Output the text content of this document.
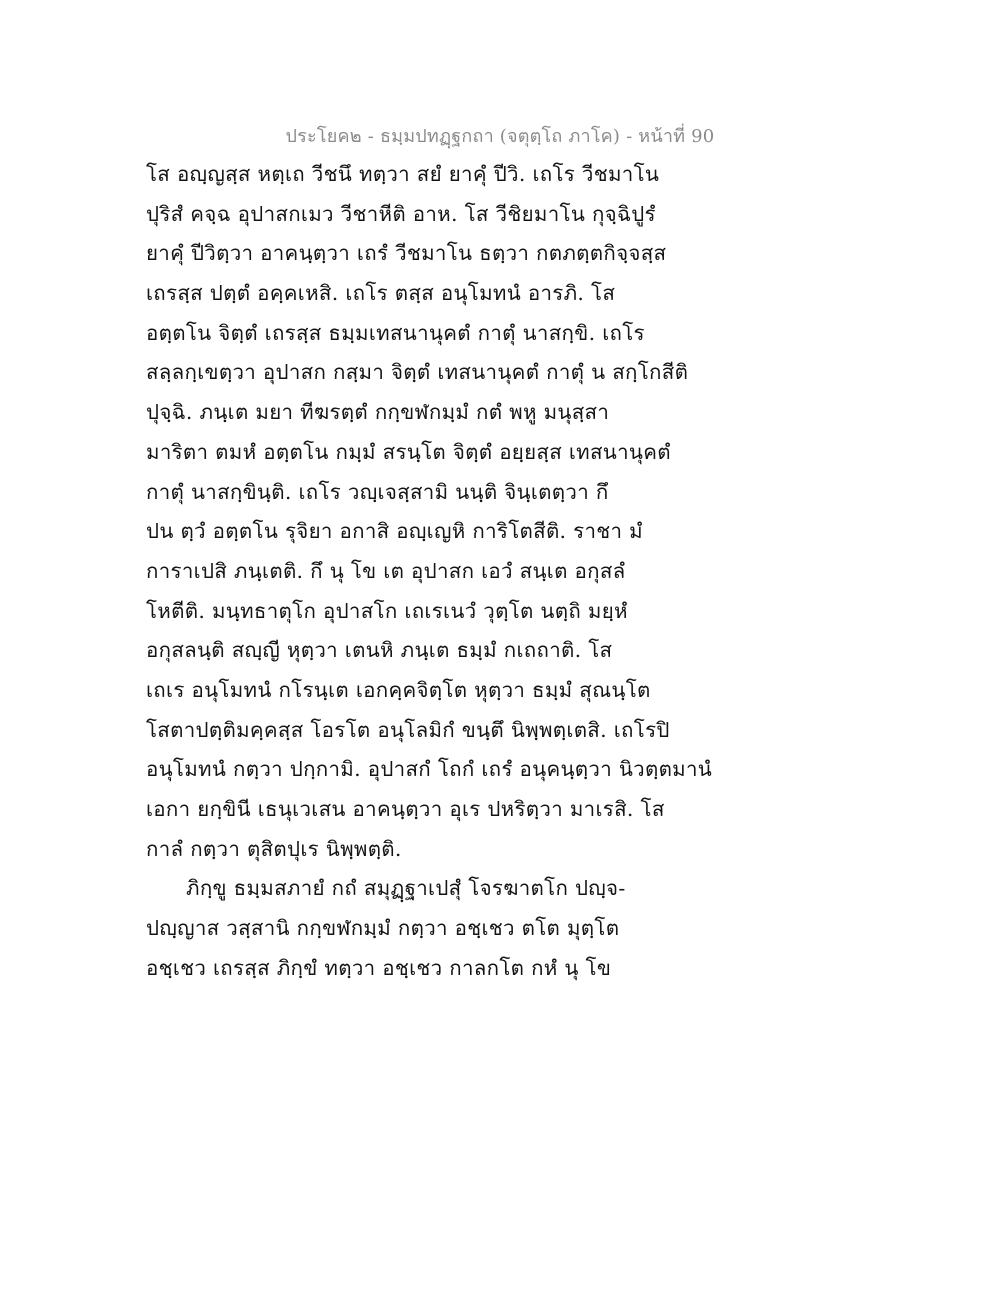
ประโยค๒ - ธมฺมปทฏฺฐกถา (จตุตฺโถ ภาโค) - หน้าที่ 90
โส อญฺญสฺส หตฺเถ วีชนึ ทตฺวา สยํ ยาคุํ ปีวิ. เถโร วีชมาโน
ปุริสํ คจฺฉ อุปาสกเมว วีชาหีติ อาห. โส วีชิยมาโน กุจฺฉิปูรํ
ยาคุํ ปีวิตฺวา อาคนฺตฺวา เถรํ วีชมาโน ธตฺวา กตภตฺตกิจฺจสฺส
เถรสฺส ปตฺตํ อคฺคเหสิ. เถโร ตสฺส อนุโมทนํ อารภิ. โส
อตฺตโน จิตฺตํ เถรสฺส ธมฺมเทสนานุคตํ กาตุํ นาสกฺขิ. เถโร
สลฺลกฺเขตฺวา อุปาสก กสฺมา จิตฺตํ เทสนานุคตํ กาตุํ น สกฺโกสีติ
ปุจฺฉิ. ภนฺเต มยา ทีฆรตฺตํ กกฺขฬกมฺมํ กตํ พหู มนุสฺสา
มาริตา ตมหํ อตฺตโน กมฺมํ สรนฺโต จิตฺตํ อยฺยสฺส เทสนานุคตํ
กาตุํ นาสกฺขินฺติ. เถโร วญฺเจสฺสามิ นนฺติ จินฺเตตฺวา กึ
ปน ตฺวํ อตฺตโน รุจิยา อกาสิ อญฺเญหิ การิโตสีติ. ราชา มํ
การาเปสิ ภนฺเตติ. กึ นุ โข เต อุปาสก เอวํ สนฺเต อกุสลํ
โหตีติ. มนฺทธาตุโก อุปาสโก เถเรเนวํ วุตฺโต นตฺถิ มยฺหํ
อกุสลนฺติ สญฺญี หุตฺวา เตนหิ ภนฺเต ธมฺมํ กเถถาติ. โส
เถเร อนุโมทนํ กโรนฺเต เอกคฺคจิตฺโต หุตฺวา ธมฺมํ สุณนฺโต
โสตาปตฺติมคฺคสฺส โอรโต อนุโลมิกํ ขนฺตึ นิพฺพตฺเตสิ. เถโรปิ
อนุโมทนํ กตฺวา ปกฺกามิ. อุปาสกํ โถกํ เถรํ อนุคนฺตฺวา นิวตฺตมานํ
เอกา ยกฺขินี เธนุเวเสน อาคนฺตฺวา อุเร ปหริตฺวา มาเรสิ. โส
กาลํ กตฺวา ตุสิตปุเร นิพฺพตฺติ.
ภิกฺขู ธมฺมสภายํ กถํ สมุฏฺฐาเปสุํ โจรฆาตโก ปญฺจ-
ปญฺญาส วสฺสานิ กกฺขฬกมฺมํ กตฺวา อชฺเชว ตโต มุตฺโต
อชฺเชว เถรสฺส ภิกฺขํ ทตฺวา อชฺเชว กาลกโต กหํ นุ โข
